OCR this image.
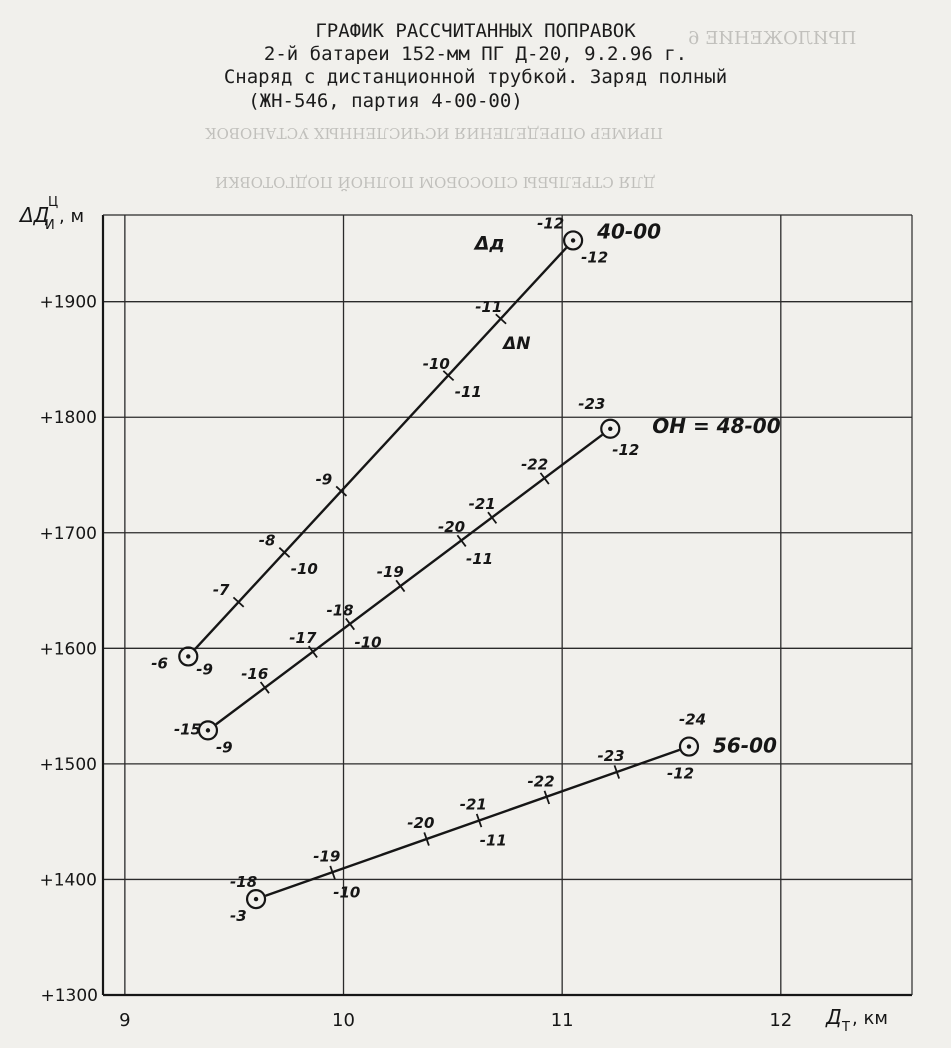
ПРИЛОЖЕНИЕ 6
ПРИМЕР ОПРЕДЕЛЕНИЯ ИСЧИСЛЕННЫХ УСТАНОВОК
ДЛЯ СТРЕЛЬБЫ СПОСОБОМ ПОЛНОЙ ПОДГОТОВКИ
ГРАФИК РАССЧИТАННЫХ ПОПРАВОК
2-й батареи 152-мм ПГ Д-20, 9.2.96 г.
Снаряд с дистанционной трубкой. Заряд полный
(ЖН-546, партия 4-00-00)
+1300
9	10	11	12
+1400
+1500
+1600
+1700
+1800
+1900
40-00
-6 -9
-12
-12
-7
-8
-10
-9
-10
-11
-11
Δд
ΔN
ОН = 48-00
-15
-9
-23
-12
-16
-17
-18
-10
-19
-20
-11
-21
-22
56-00
-18
-3
-24
-12
-19
-10
-20
-21
-11
-22
-23
ΔД
И
Ц
, м
Д Т , км
